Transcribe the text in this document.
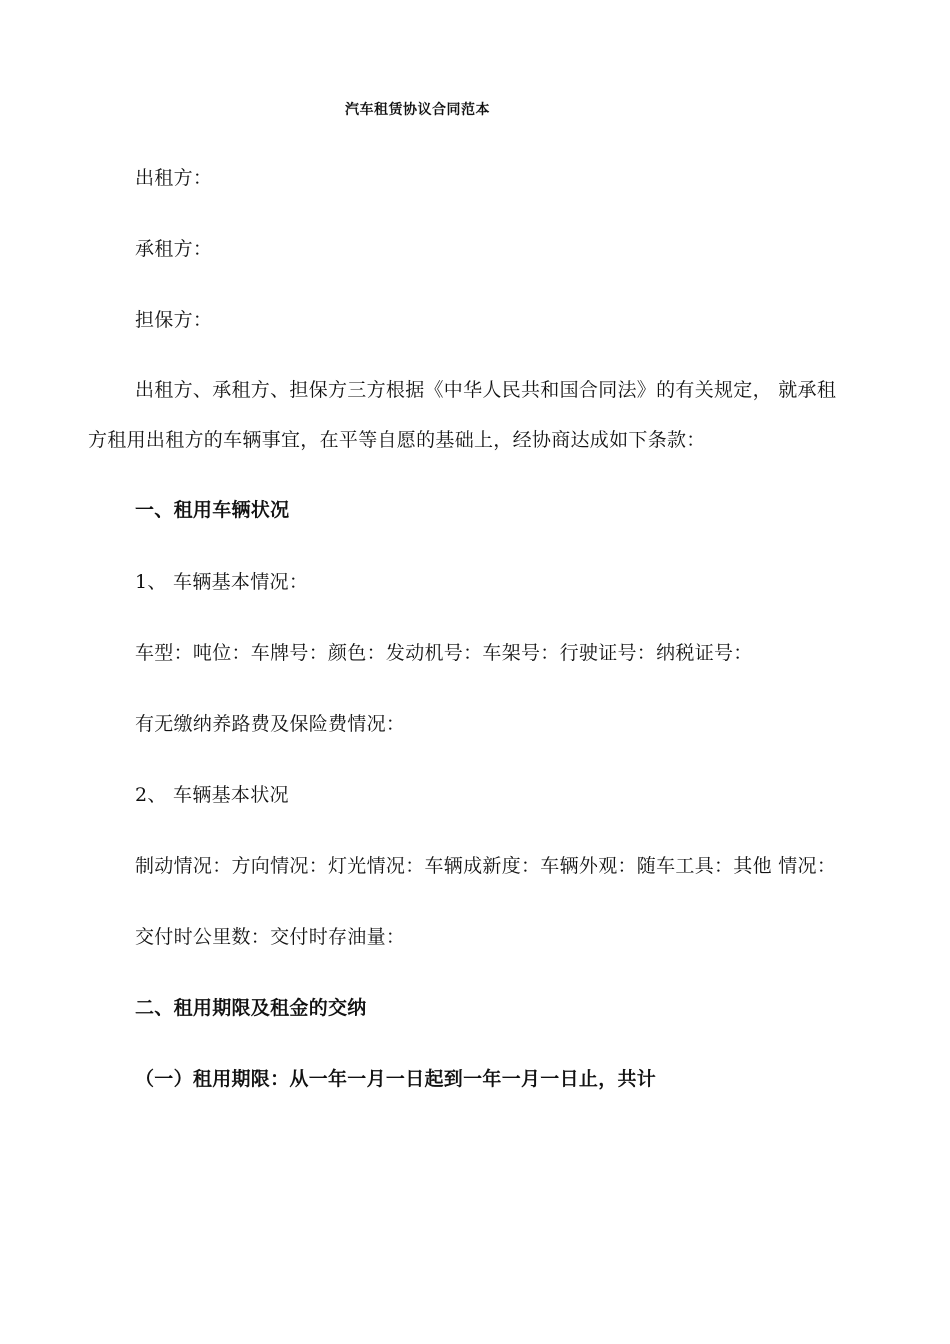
汽车租赁协议合同范本
出租方：
承租方：
担保方：
出租方、承租方、担保方三方根据《中华人民共和国合同法》的有关规定， 就承租
方租用出租方的车辆事宜，在平等自愿的基础上，经协商达成如下条款：
一、租用车辆状况
1、 车辆基本情况：
车型：吨位：车牌号：颜色：发动机号：车架号：行驶证号：纳税证号：
有无缴纳养路费及保险费情况：
2、 车辆基本状况
制动情况：方向情况：灯光情况：车辆成新度：车辆外观：随车工具：其他 情况：
交付时公里数：交付时存油量：
二、租用期限及租金的交纳
（一）租用期限：从一年一月一日起到一年一月一日止，共计
